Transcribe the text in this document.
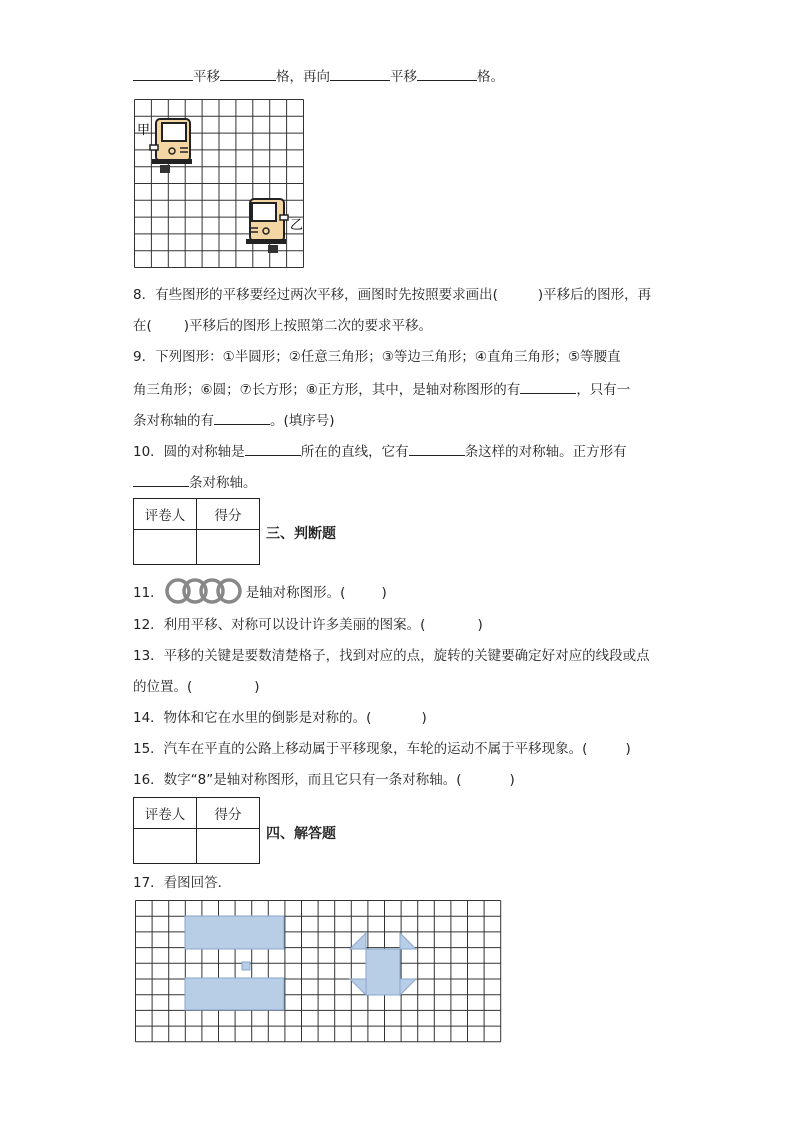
平移	格，再向	平移	格。
甲
乙
8．有些图形的平移要经过两次平移，画图时先按照要求画出(	)平移后的图形，再
在( )平移后的图形上按照第二次的要求平移。
9．下列图形：①半圆形；②任意三角形；③等边三角形；④直角三角形；⑤等腰直
角三角形；⑥圆；⑦长方形；⑧正方形，其中，是轴对称图形的有	，只有一
条对称轴的有	。(填序号)
10．圆的对称轴是	所在的直线，它有	条这样的对称轴。正方形有
条对称轴。
评卷人	得分

三、判断题
11．	是轴对称图形。(	)
12．利用平移、对称可以设计许多美丽的图案。(	)
13．平移的关键是要数清楚格子，找到对应的点，旋转的关键要确定好对应的线段或点
的位置。(	)
14．物体和它在水里的倒影是对称的。(	)
15．汽车在平直的公路上移动属于平移现象，车轮的运动不属于平移现象。(	)
16．数字“8”是轴对称图形，而且它只有一条对称轴。(	)
评卷人	得分

四、解答题
17．看图回答．
